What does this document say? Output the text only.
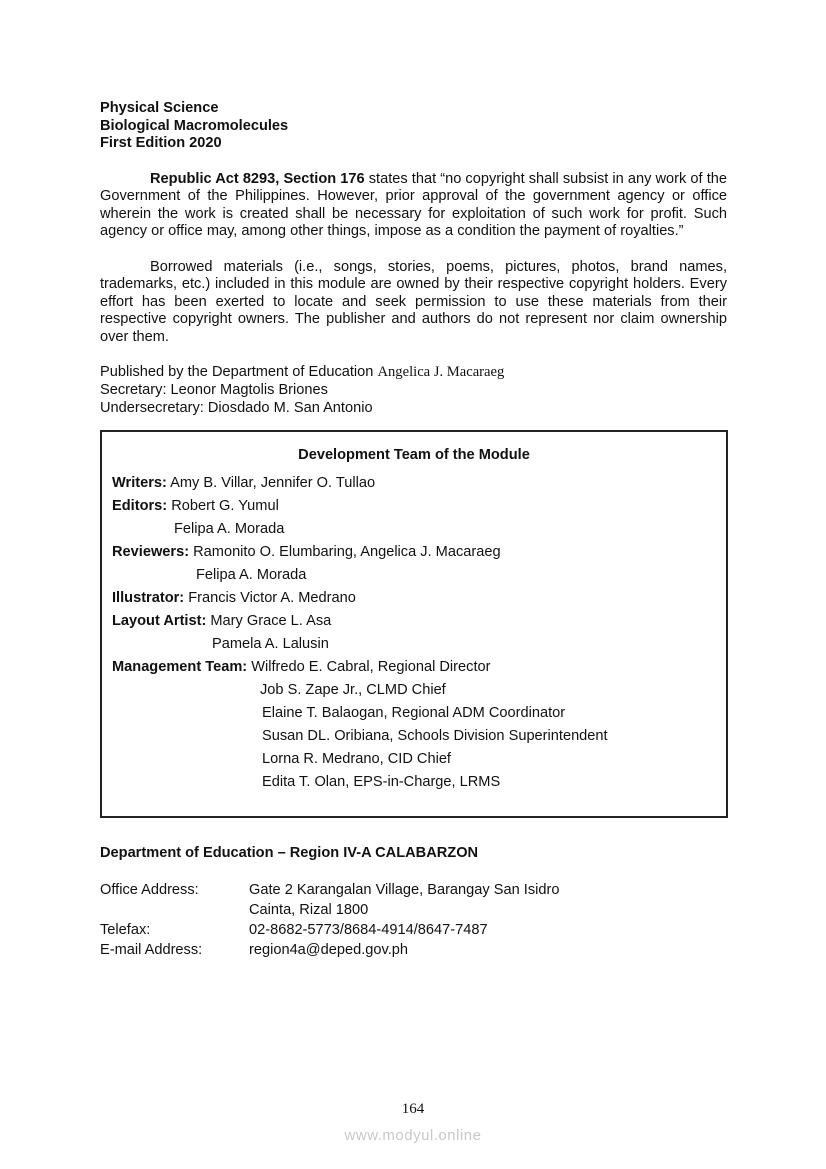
Physical Science
Biological Macromolecules
First Edition 2020

Republic Act 8293, Section 176 states that “no copyright shall subsist in any work of the Government of the Philippines. However, prior approval of the government agency or office wherein the work is created shall be necessary for exploitation of such work for profit. Such agency or office may, among other things, impose as a condition the payment of royalties.”

Borrowed materials (i.e., songs, stories, poems, pictures, photos, brand names, trademarks, etc.) included in this module are owned by their respective copyright holders. Every effort has been exerted to locate and seek permission to use these materials from their respective copyright owners. The publisher and authors do not represent nor claim ownership over them.

Published by the Department of Education Angelica J. Macaraeg
Secretary: Leonor Magtolis Briones
Undersecretary: Diosdado M. San Antonio
Development Team of the Module
Writers: Amy B. Villar, Jennifer O. Tullao
Editors: Robert G. Yumul
Felipa A. Morada
Reviewers: Ramonito O. Elumbaring, Angelica J. Macaraeg
Felipa A. Morada
Illustrator: Francis Victor A. Medrano
Layout Artist: Mary Grace L. Asa
Pamela A. Lalusin
Management Team: Wilfredo E. Cabral, Regional Director
Job S. Zape Jr., CLMD Chief
Elaine T. Balaogan, Regional ADM Coordinator
Susan DL. Oribiana, Schools Division Superintendent
Lorna R. Medrano, CID Chief
Edita T. Olan, EPS-in-Charge, LRMS
Department of Education – Region IV-A CALABARZON
Office Address:	Gate 2 Karangalan Village, Barangay San Isidro
Cainta, Rizal 1800
Telefax:	02-8682-5773/8684-4914/8647-7487
E-mail Address:	region4a@deped.gov.ph
164
www.modyul.online
